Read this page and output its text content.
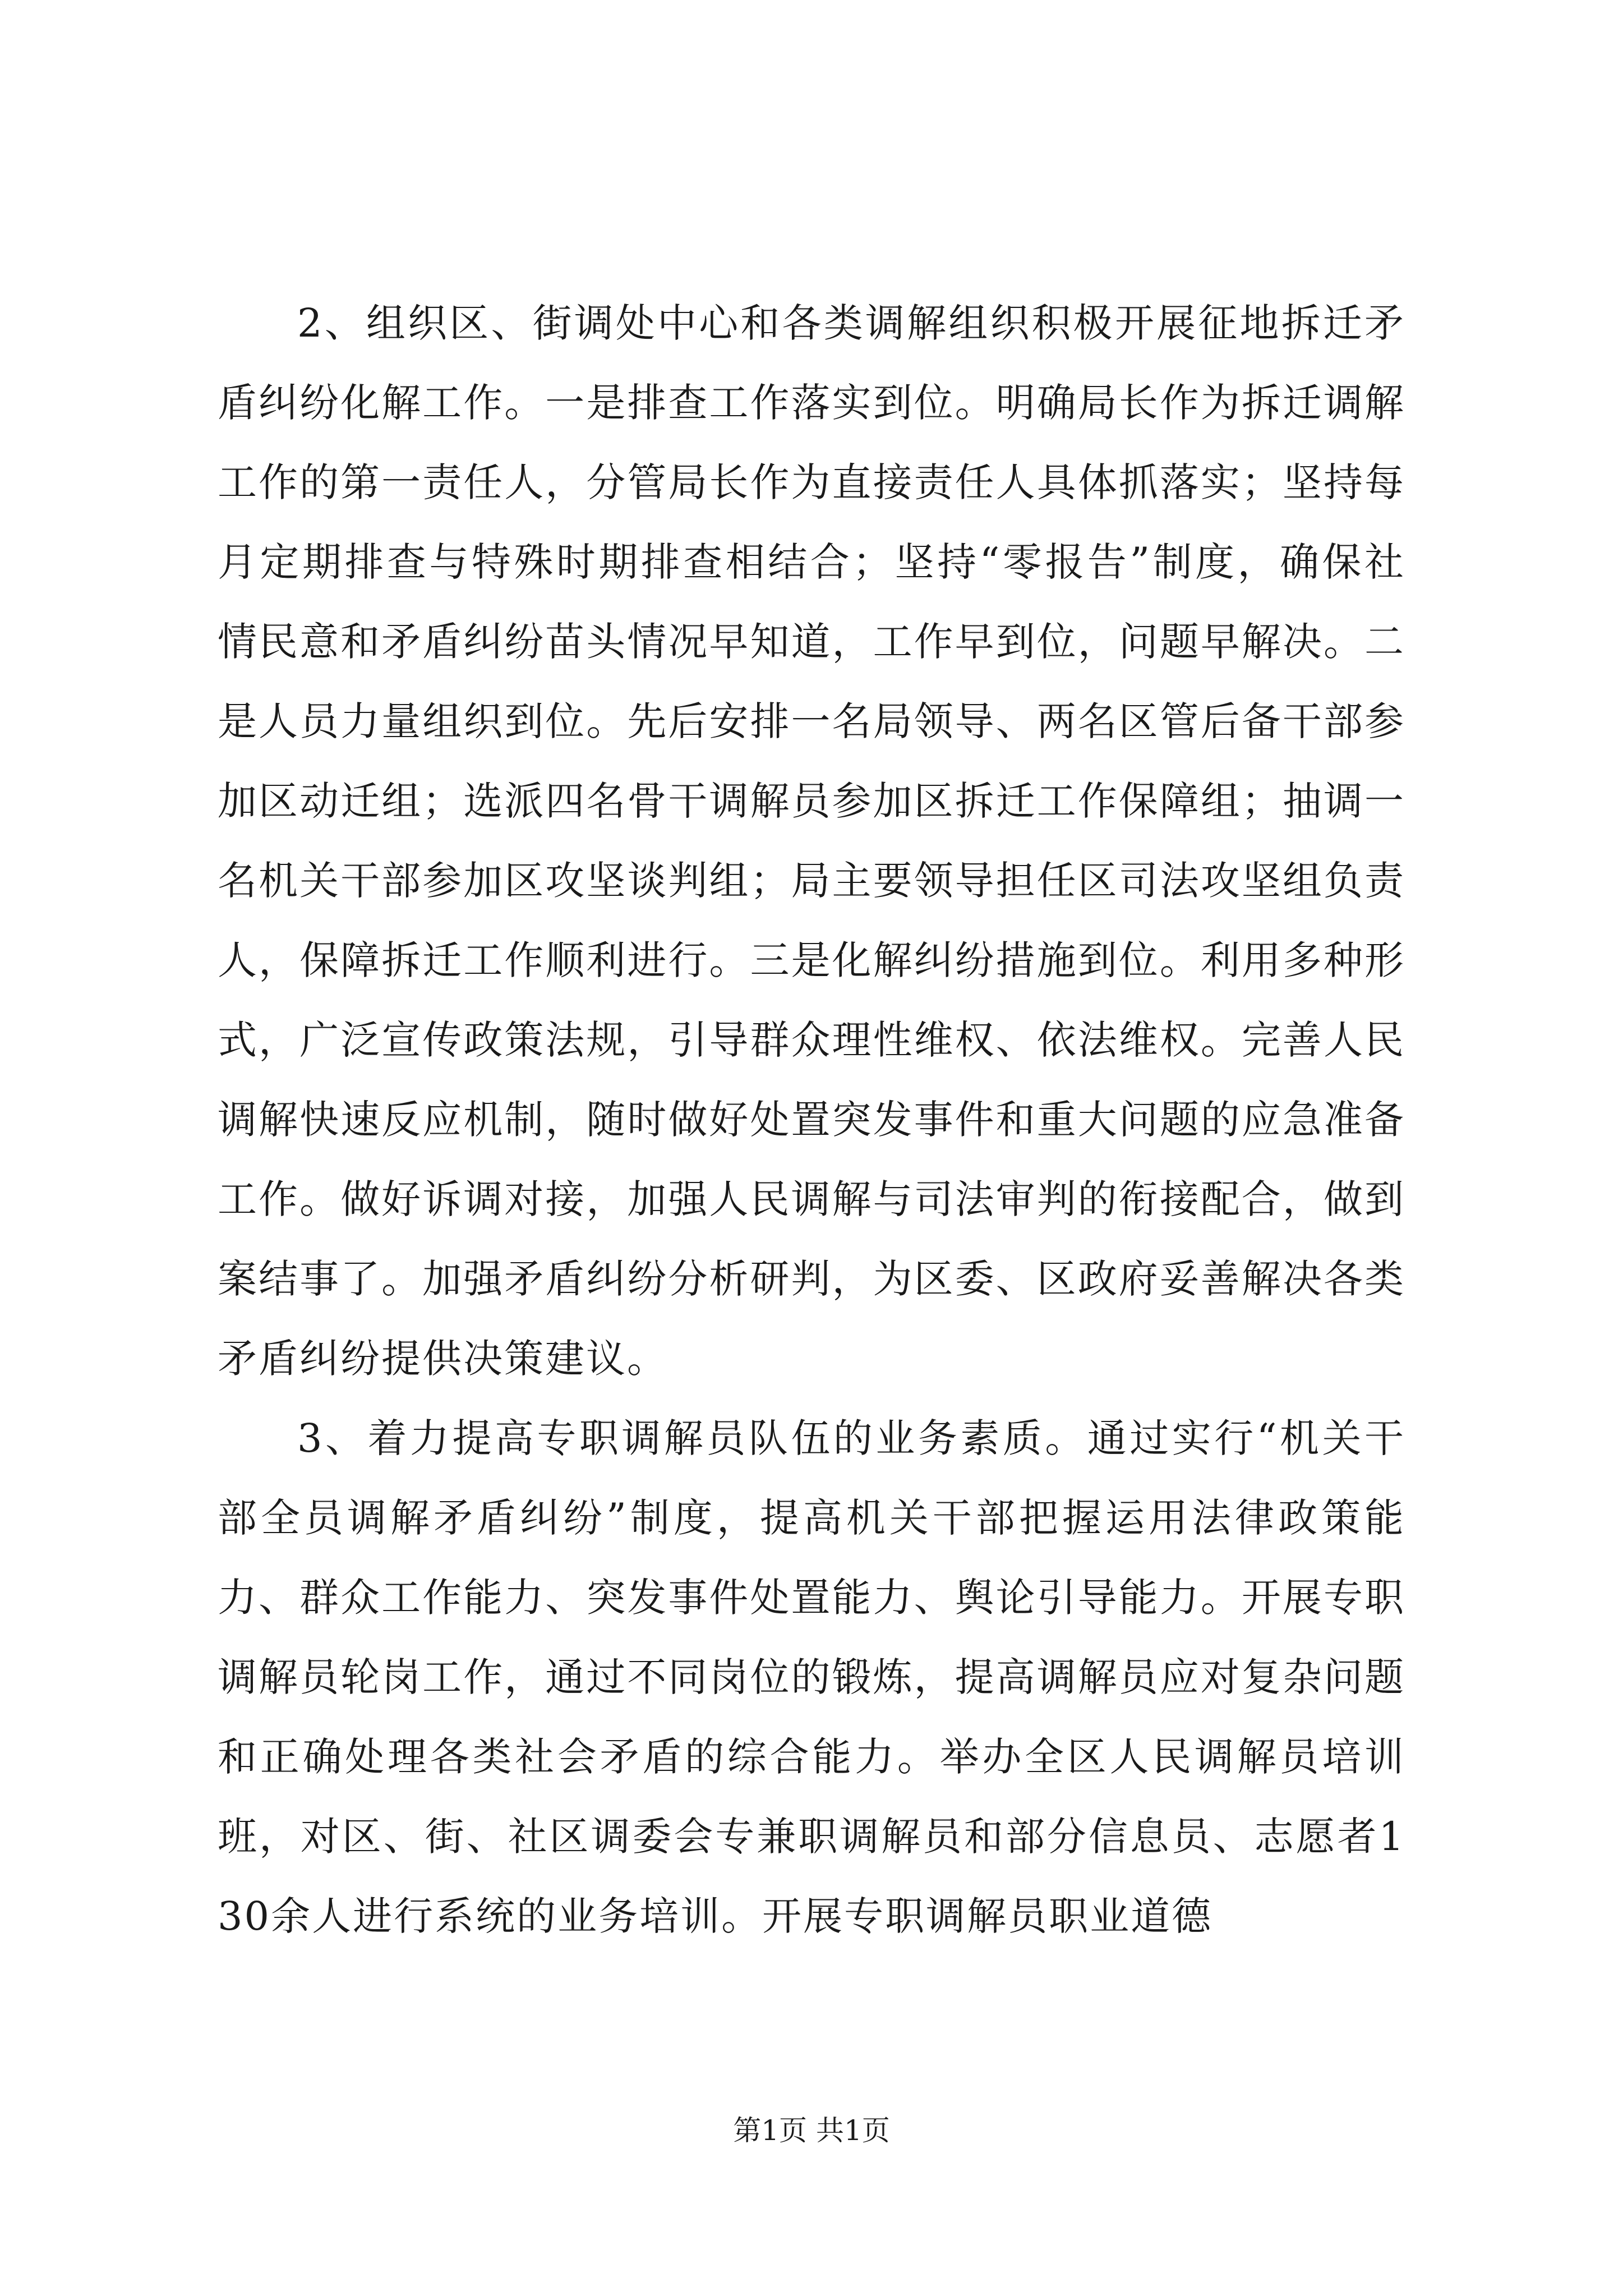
2、组织区、街调处中心和各类调解组织积极开展征地拆迁矛盾纠纷化解工作。一是排查工作落实到位。明确局长作为拆迁调解工作的第一责任人，分管局长作为直接责任人具体抓落实；坚持每月定期排查与特殊时期排查相结合；坚持“零报告”制度，确保社情民意和矛盾纠纷苗头情况早知道，工作早到位，问题早解决。二是人员力量组织到位。先后安排一名局领导、两名区管后备干部参加区动迁组；选派四名骨干调解员参加区拆迁工作保障组；抽调一名机关干部参加区攻坚谈判组；局主要领导担任区司法攻坚组负责人，保障拆迁工作顺利进行。三是化解纠纷措施到位。利用多种形式，广泛宣传政策法规，引导群众理性维权、依法维权。完善人民调解快速反应机制，随时做好处置突发事件和重大问题的应急准备工作。做好诉调对接，加强人民调解与司法审判的衔接配合，做到案结事了。加强矛盾纠纷分析研判，为区委、区政府妥善解决各类矛盾纠纷提供决策建议。

3、着力提高专职调解员队伍的业务素质。通过实行“机关干部全员调解矛盾纠纷”制度，提高机关干部把握运用法律政策能力、群众工作能力、突发事件处置能力、舆论引导能力。开展专职调解员轮岗工作，通过不同岗位的锻炼，提高调解员应对复杂问题和正确处理各类社会矛盾的综合能力。举办全区人民调解员培训班，对区、街、社区调委会专兼职调解员和部分信息员、志愿者130余人进行系统的业务培训。开展专职调解员职业道德

第1页 共1页
